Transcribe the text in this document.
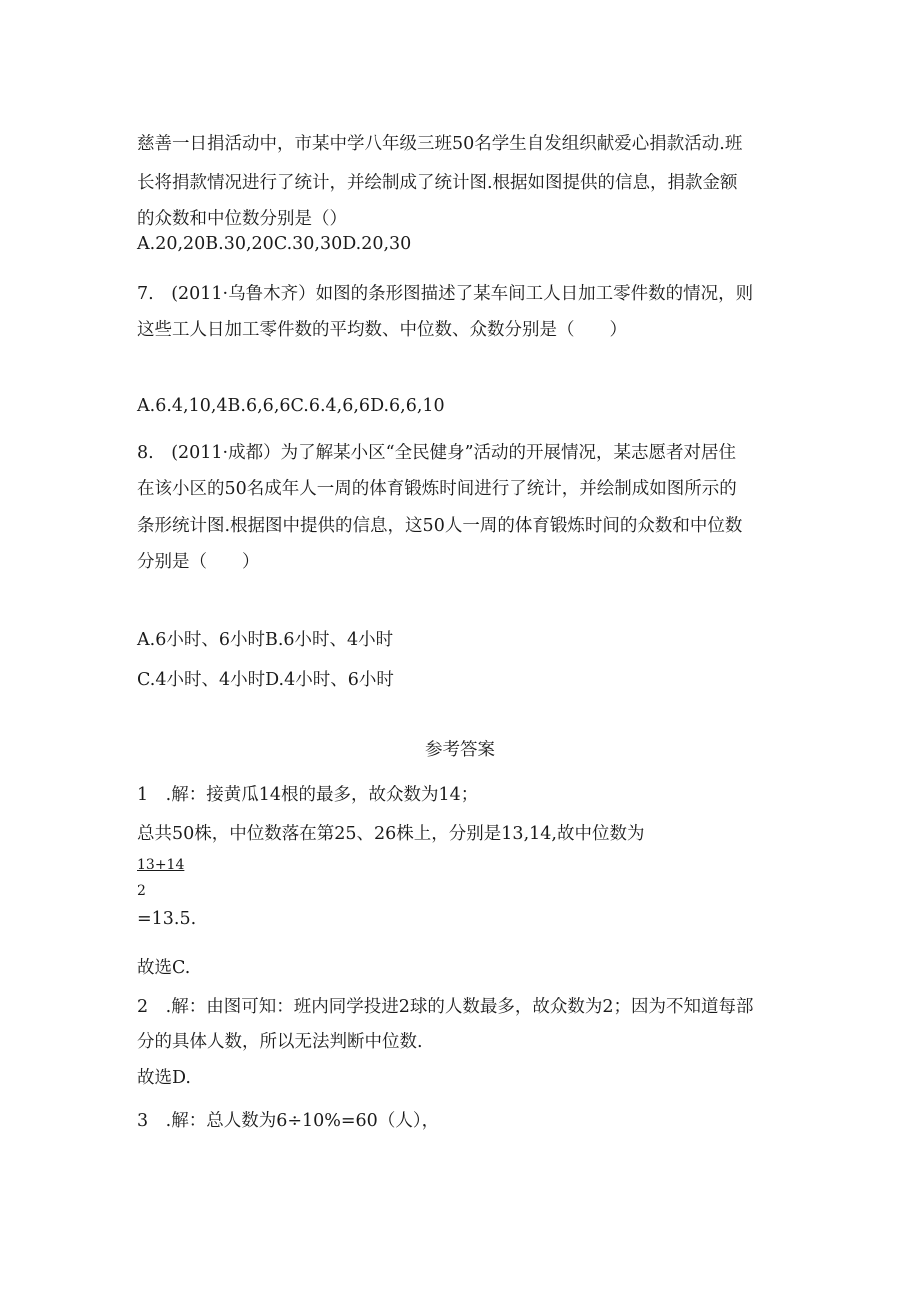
慈善一日捐活动中，市某中学八年级三班50名学生自发组织献爱心捐款活动.班
长将捐款情况进行了统计，并绘制成了统计图.根据如图提供的信息，捐款金额
的众数和中位数分别是（）
A.20,20B.30,20C.30,30D.20,30
7.　(2011·乌鲁木齐）如图的条形图描述了某车间工人日加工零件数的情况，则
这些工人日加工零件数的平均数、中位数、众数分别是（　　）
A.6.4,10,4B.6,6,6C.6.4,6,6D.6,6,10
8.　(2011·成都）为了解某小区“全民健身”活动的开展情况，某志愿者对居住
在该小区的50名成年人一周的体育锻炼时间进行了统计，并绘制成如图所示的
条形统计图.根据图中提供的信息，这50人一周的体育锻炼时间的众数和中位数
分别是（　　）
A.6小时、6小时B.6小时、4小时
C.4小时、4小时D.4小时、6小时
参考答案
1　.解：接黄瓜14根的最多，故众数为14；
总共50株，中位数落在第25、26株上，分别是13,14,故中位数为
13+14
2
=13.5.
故选C.
2　.解：由图可知：班内同学投进2球的人数最多，故众数为2；因为不知道每部
分的具体人数，所以无法判断中位数.
故选D.
3　.解：总人数为6÷10%=60（人），
